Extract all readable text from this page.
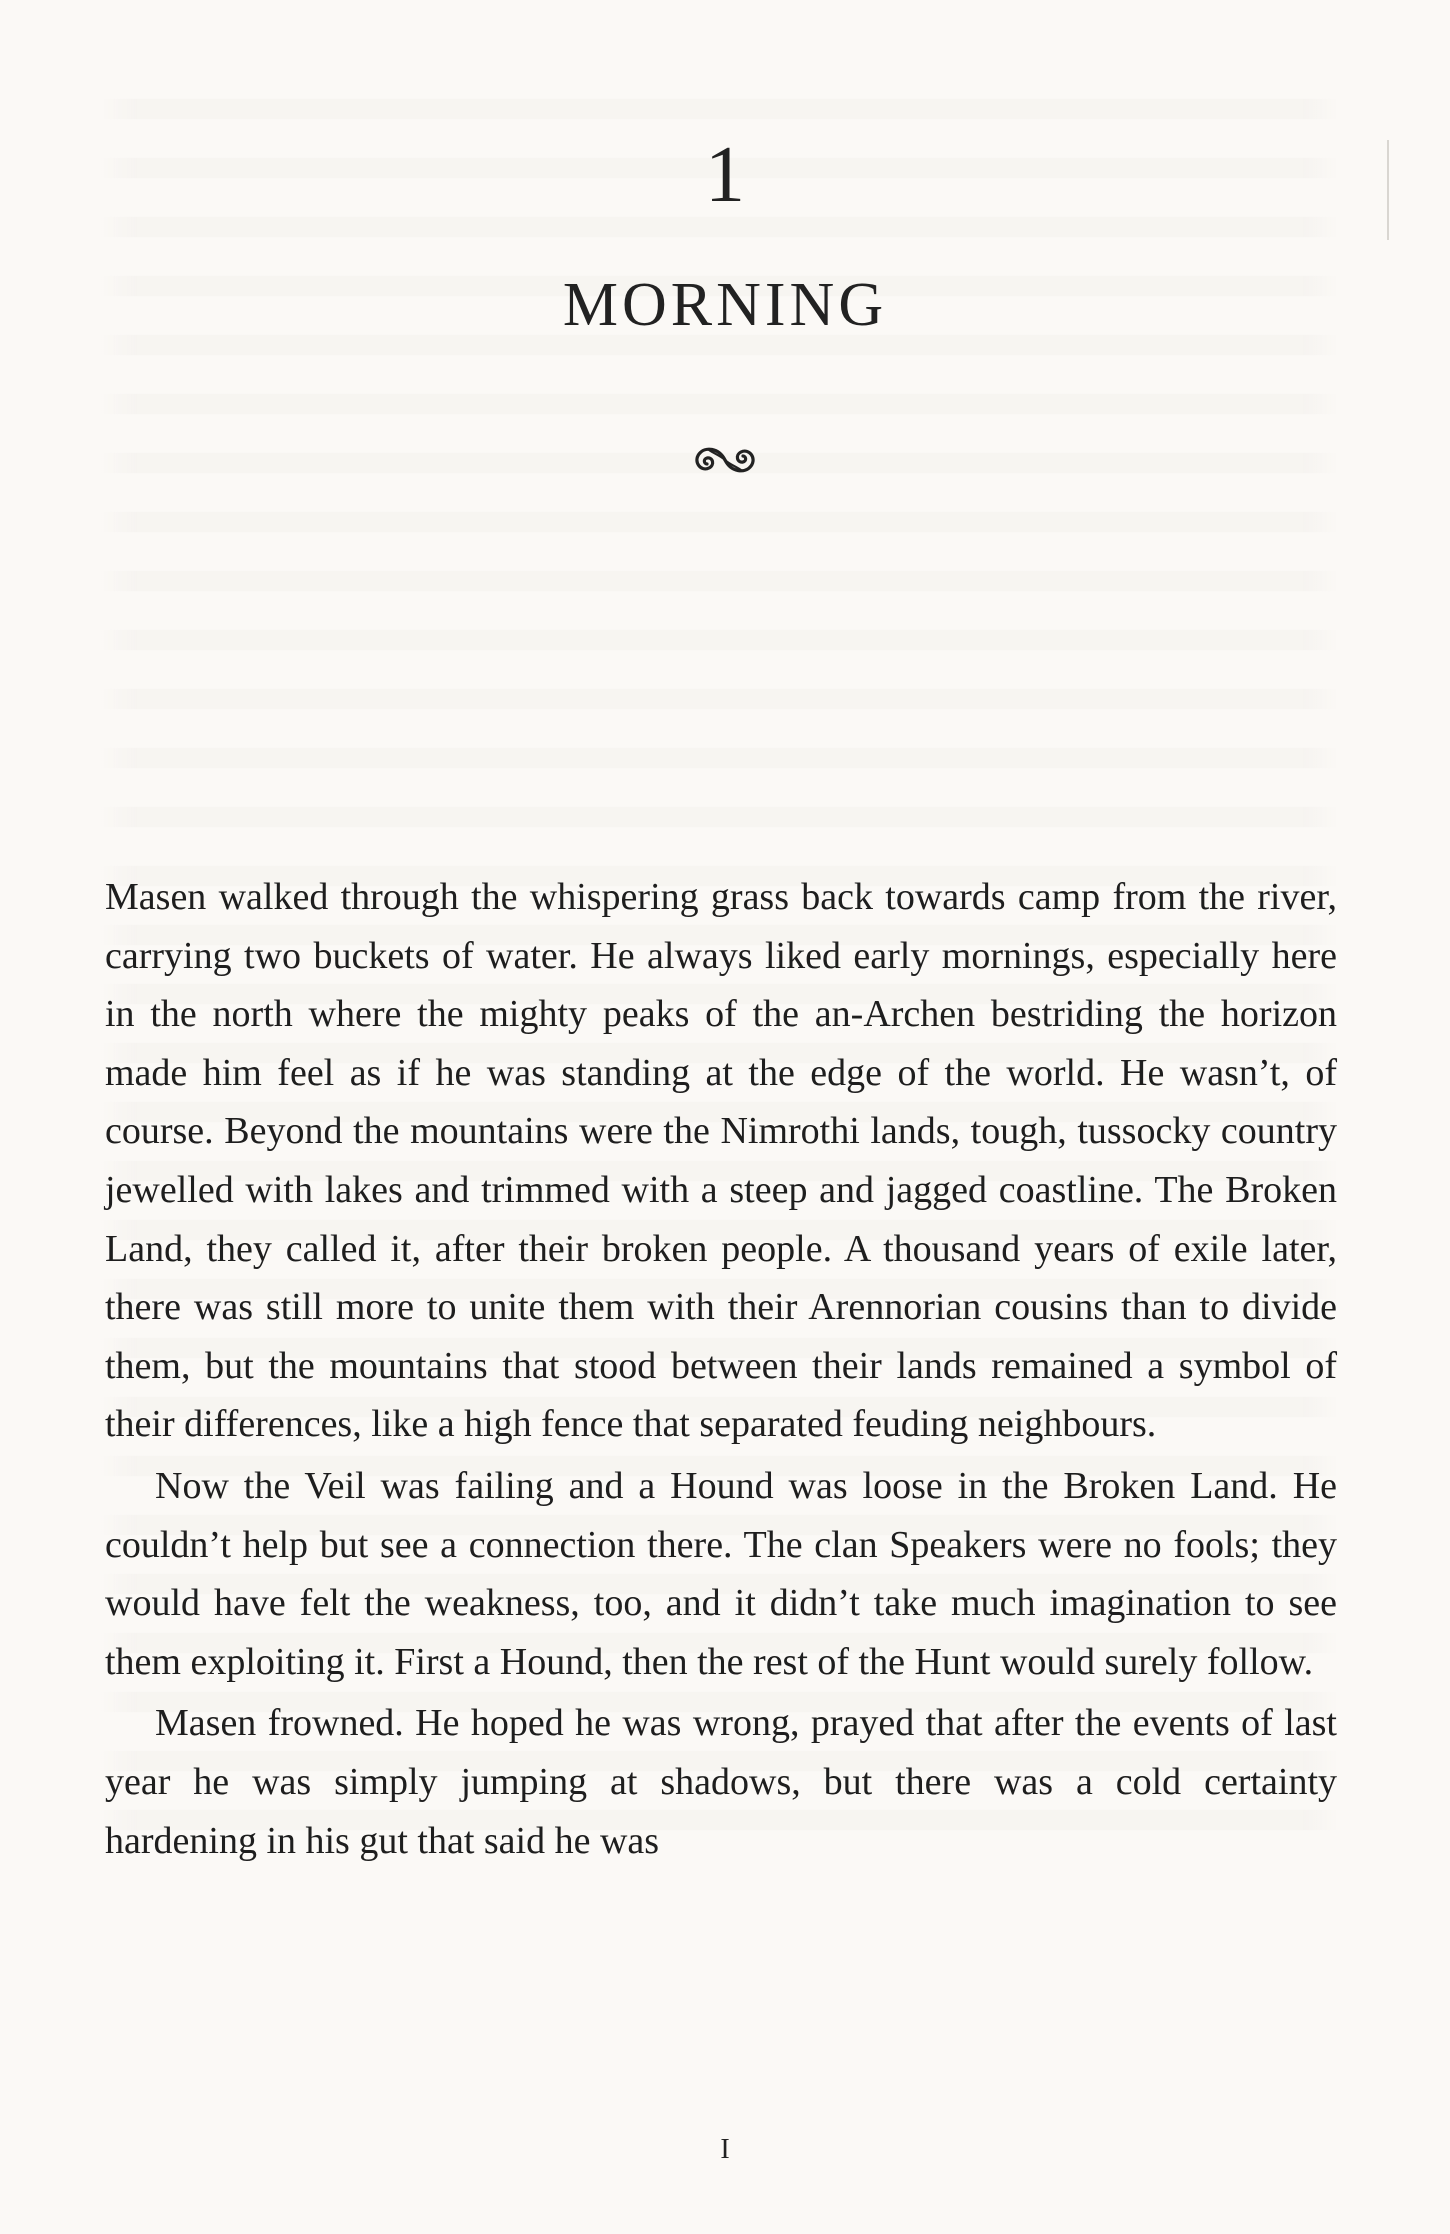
1
MORNING

Masen walked through the whispering grass back towards camp from the river, carrying two buckets of water. He always liked early mornings, especially here in the north where the mighty peaks of the an-Archen bestriding the horizon made him feel as if he was standing at the edge of the world. He wasn’t, of course. Beyond the mountains were the Nimrothi lands, tough, tussocky country jewelled with lakes and trimmed with a steep and jagged coastline. The Broken Land, they called it, after their broken people. A thousand years of exile later, there was still more to unite them with their Arennorian cousins than to divide them, but the mountains that stood between their lands remained a symbol of their differences, like a high fence that separated feuding neighbours.

Now the Veil was failing and a Hound was loose in the Broken Land. He couldn’t help but see a connection there. The clan Speakers were no fools; they would have felt the weakness, too, and it didn’t take much imagination to see them exploiting it. First a Hound, then the rest of the Hunt would surely follow.

Masen frowned. He hoped he was wrong, prayed that after the events of last year he was simply jumping at shadows, but there was a cold certainty hardening in his gut that said he was

I
